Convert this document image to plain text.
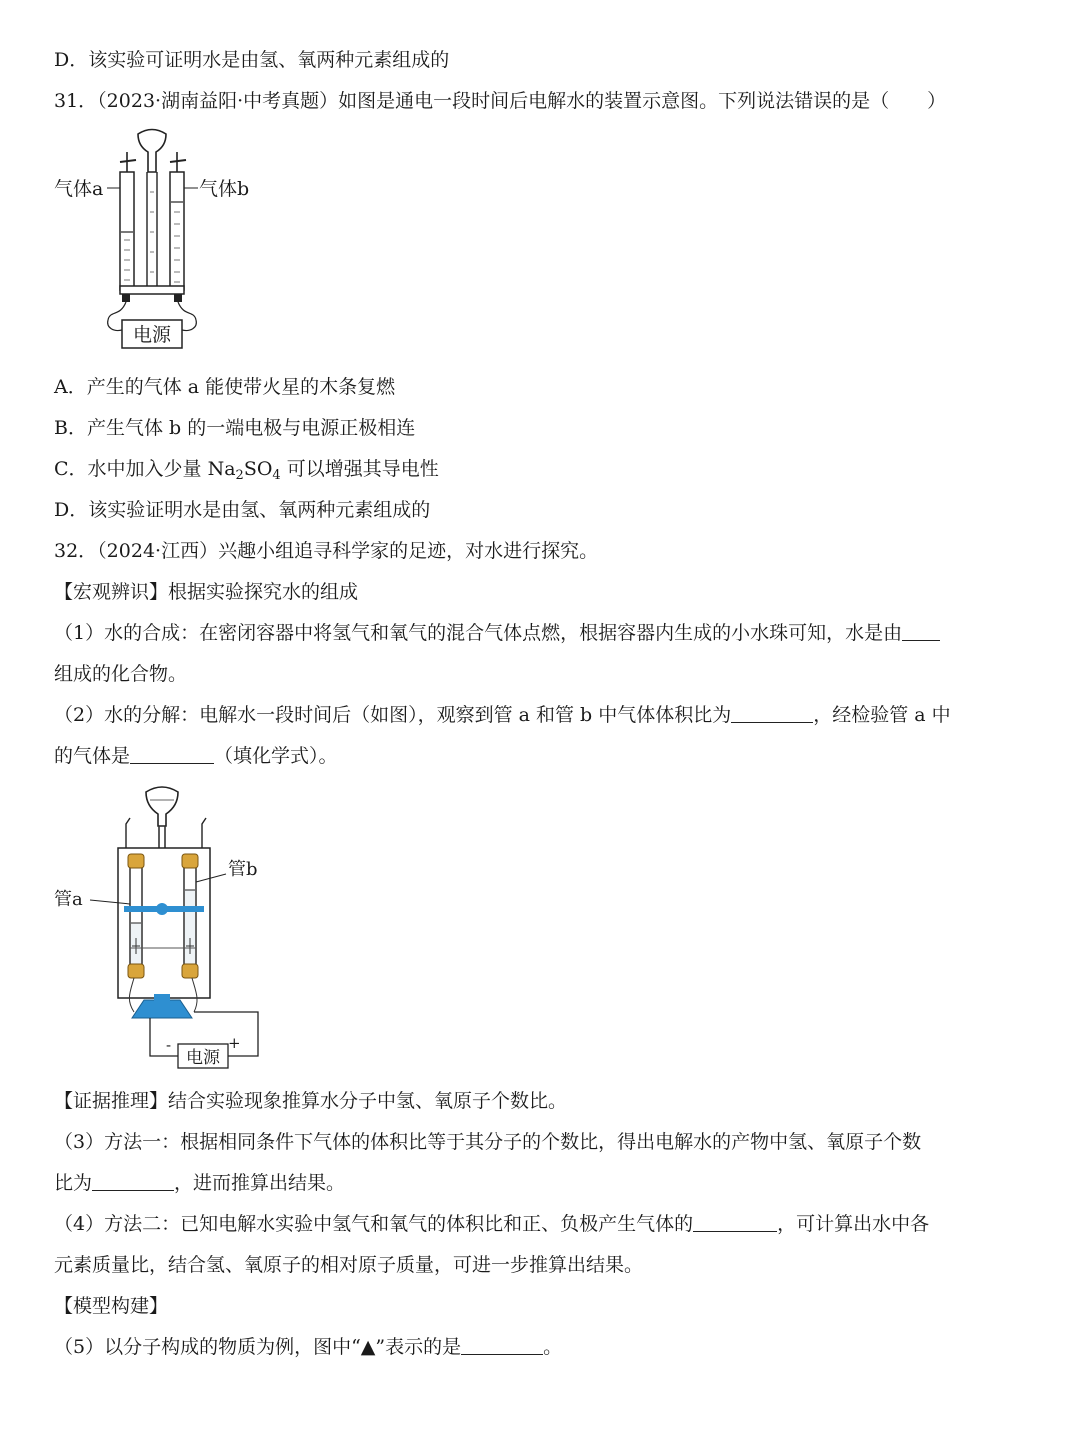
D．该实验可证明水是由氢、氧两种元素组成的
31．（2023·湖南益阳·中考真题）如图是通电一段时间后电解水的装置示意图。下列说法错误的是（　　）
电源
气体a	气体b
A．产生的气体 a 能使带火星的木条复燃
B．产生气体 b 的一端电极与电源正极相连
C．水中加入少量 $Na_2SO_4$ 可以增强其导电性
D．该实验证明水是由氢、氧两种元素组成的
32．（2024·江西）兴趣小组追寻科学家的足迹，对水进行探究。
【宏观辨识】根据实验探究水的组成
（1）水的合成：在密闭容器中将氢气和氧气的混合气体点燃，根据容器内生成的小水珠可知，水是由
组成的化合物。
（2）水的分解：电解水一段时间后（如图），观察到管 a 和管 b 中气体体积比为	，经检验管 a 中
的气体是	（填化学式）。
电源
-	+
管a
管b
【证据推理】结合实验现象推算水分子中氢、氧原子个数比。
（3）方法一：根据相同条件下气体的体积比等于其分子的个数比，得出电解水的产物中氢、氧原子个数
比为	，进而推算出结果。
（4）方法二：已知电解水实验中氢气和氧气的体积比和正、负极产生气体的	，可计算出水中各
元素质量比，结合氢、氧原子的相对原子质量，可进一步推算出结果。
【模型构建】
（5）以分子构成的物质为例，图中“▲”表示的是	。
